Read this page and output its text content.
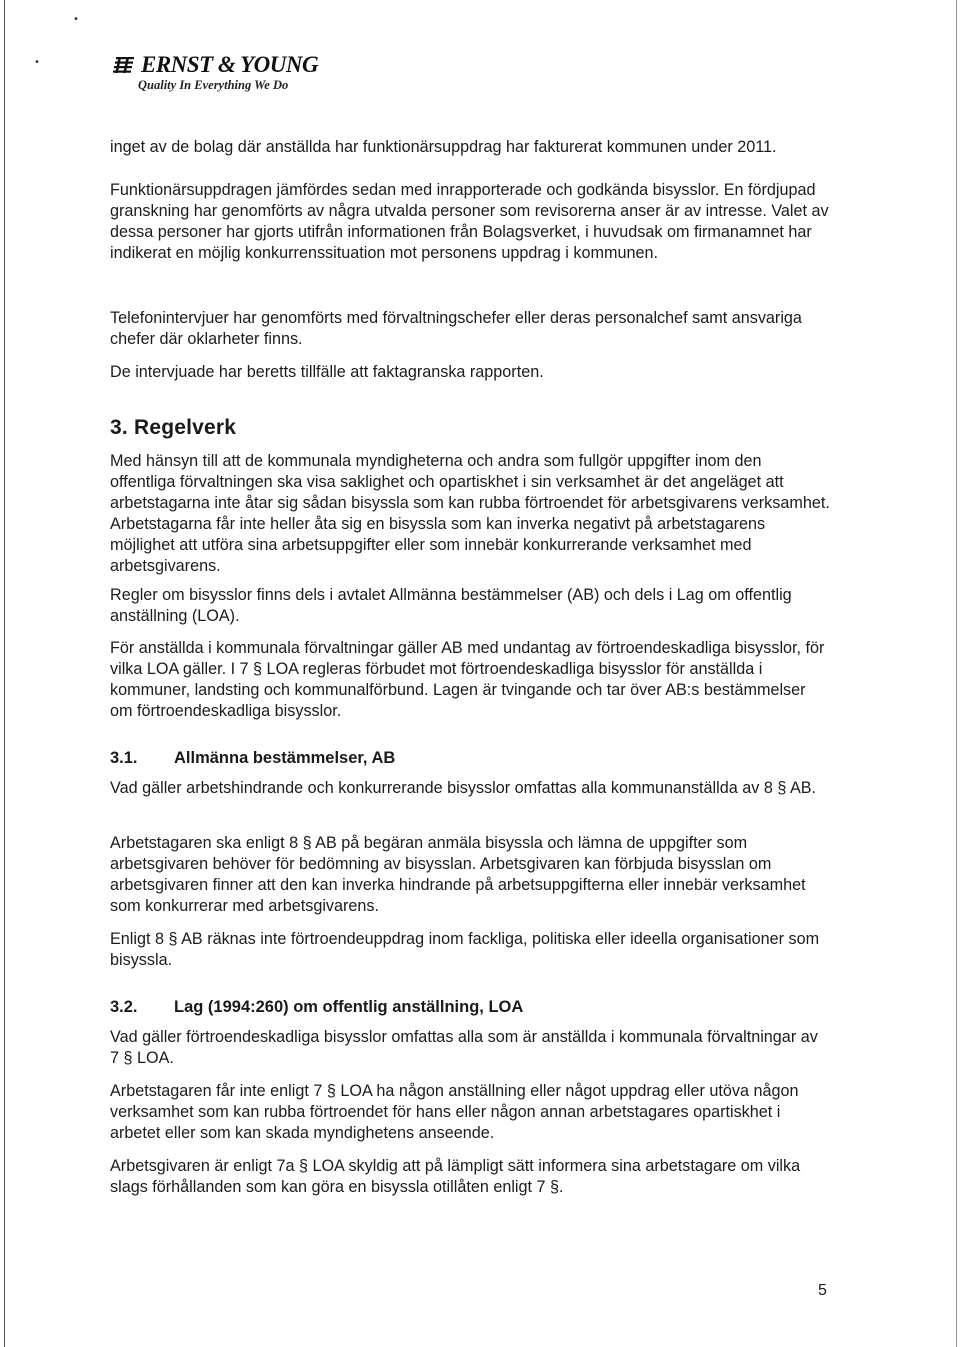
•
•	ERNST & YOUNG
Quality In Everything We Do

inget av de bolag där anställda har funktionärsuppdrag har fakturerat kommunen under 2011.

Funktionärsuppdragen jämfördes sedan med inrapporterade och godkända bisysslor. En fördjupad granskning har genomförts av några utvalda personer som revisorerna anser är av intresse. Valet av dessa personer har gjorts utifrån informationen från Bolagsverket, i huvudsak om firmanamnet har indikerat en möjlig konkurrenssituation mot personens uppdrag i kommunen.

Telefonintervjuer har genomförts med förvaltningschefer eller deras personalchef samt ansvariga chefer där oklarheter finns.

De intervjuade har beretts tillfälle att faktagranska rapporten.

3. Regelverk

Med hänsyn till att de kommunala myndigheterna och andra som fullgör uppgifter inom den offentliga förvaltningen ska visa saklighet och opartiskhet i sin verksamhet är det angeläget att arbetstagarna inte åtar sig sådan bisyssla som kan rubba förtroendet för arbetsgivarens verksamhet. Arbetstagarna får inte heller åta sig en bisyssla som kan inverka negativt på arbetstagarens möjlighet att utföra sina arbetsuppgifter eller som innebär konkurrerande verksamhet med arbetsgivarens.

Regler om bisysslor finns dels i avtalet Allmänna bestämmelser (AB) och dels i Lag om offentlig anställning (LOA).

För anställda i kommunala förvaltningar gäller AB med undantag av förtroendeskadliga bisysslor, för vilka LOA gäller. I 7 § LOA regleras förbudet mot förtroendeskadliga bisysslor för anställda i kommuner, landsting och kommunalförbund. Lagen är tvingande och tar över AB:s bestämmelser om förtroendeskadliga bisysslor.

3.1. Allmänna bestämmelser, AB

Vad gäller arbetshindrande och konkurrerande bisysslor omfattas alla kommunanställda av 8 § AB.

Arbetstagaren ska enligt 8 § AB på begäran anmäla bisyssla och lämna de uppgifter som arbetsgivaren behöver för bedömning av bisysslan. Arbetsgivaren kan förbjuda bisysslan om arbetsgivaren finner att den kan inverka hindrande på arbetsuppgifterna eller innebär verksamhet som konkurrerar med arbetsgivarens.

Enligt 8 § AB räknas inte förtroendeuppdrag inom fackliga, politiska eller ideella organisationer som bisyssla.

3.2. Lag (1994:260) om offentlig anställning, LOA

Vad gäller förtroendeskadliga bisysslor omfattas alla som är anställda i kommunala förvaltningar av 7 § LOA.

Arbetstagaren får inte enligt 7 § LOA ha någon anställning eller något uppdrag eller utöva någon verksamhet som kan rubba förtroendet för hans eller någon annan arbetstagares opartiskhet i arbetet eller som kan skada myndighetens anseende.

Arbetsgivaren är enligt 7a § LOA skyldig att på lämpligt sätt informera sina arbetstagare om vilka slags förhållanden som kan göra en bisyssla otillåten enligt 7 §.

5
